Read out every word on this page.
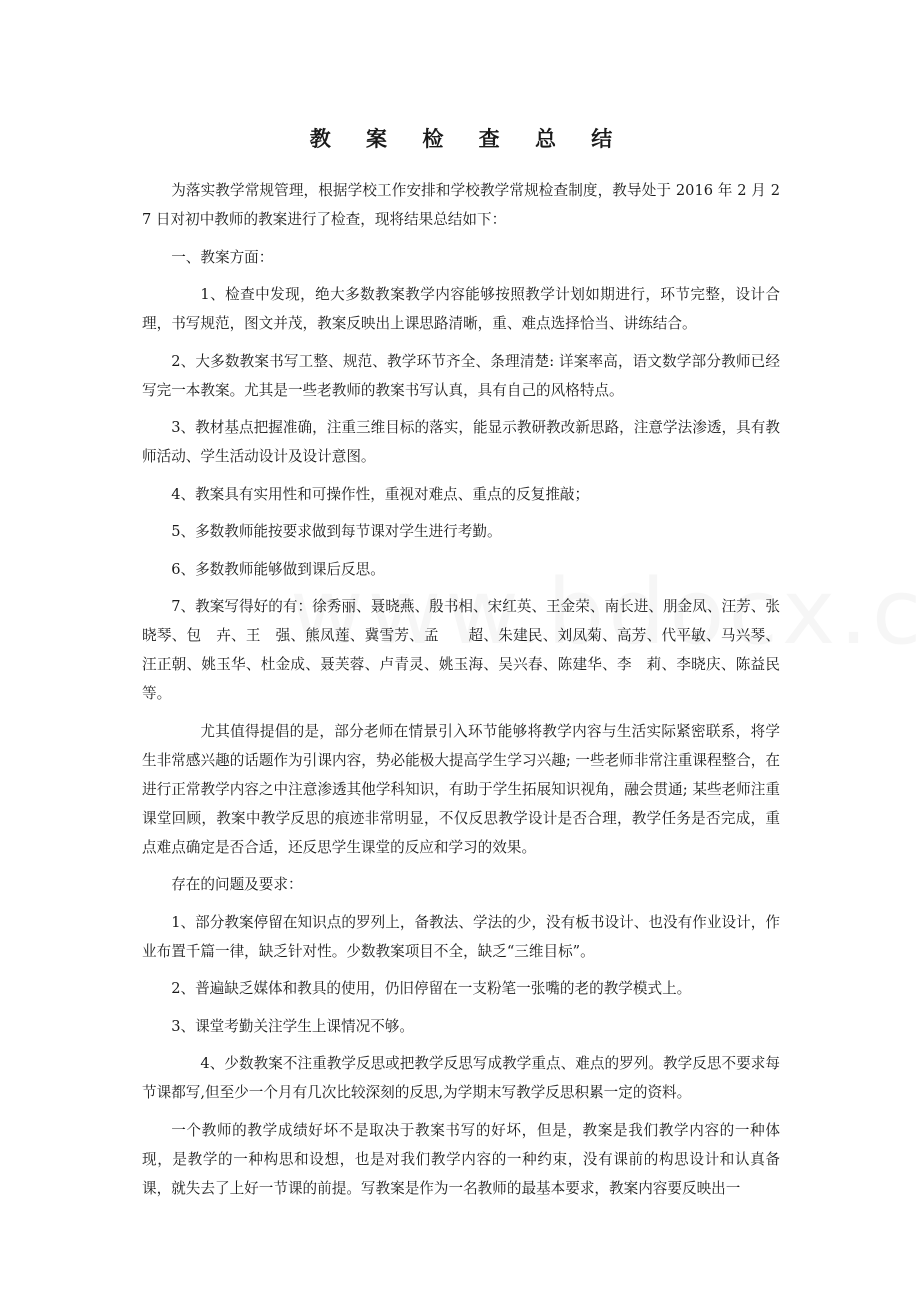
教 案 检 查 总 结

为落实教学常规管理，根据学校工作安排和学校教学常规检查制度，教导处于 2016 年 2 月 27 日对初中教师的教案进行了检查，现将结果总结如下：

一、教案方面：

1、检查中发现，绝大多数教案教学内容能够按照教学计划如期进行，环节完整，设计合理，书写规范，图文并茂，教案反映出上课思路清晰，重、难点选择恰当、讲练结合。

2、大多数教案书写工整、规范、教学环节齐全、条理清楚: 详案率高，语文数学部分教师已经写完一本教案。尤其是一些老教师的教案书写认真，具有自己的风格特点。

3、教材基点把握准确，注重三维目标的落实，能显示教研教改新思路，注意学法渗透，具有教师活动、学生活动设计及设计意图。

4、教案具有实用性和可操作性，重视对难点、重点的反复推敲；

5、多数教师能按要求做到每节课对学生进行考勤。

6、多数教师能够做到课后反思。

7、教案写得好的有：徐秀丽、聂晓燕、殷书相、宋红英、王金荣、南长进、朋金凤、汪芳、张晓琴、包　卉、王　强、熊凤莲、冀雪芳、孟　　超、朱建民、刘凤菊、高芳、代平敏、马兴琴、汪正朝、姚玉华、杜金成、聂芙蓉、卢青灵、姚玉海、吴兴春、陈建华、李　莉、李晓庆、陈益民等。

尤其值得提倡的是，部分老师在情景引入环节能够将教学内容与生活实际紧密联系，将学生非常感兴趣的话题作为引课内容，势必能极大提高学生学习兴趣; 一些老师非常注重课程整合，在进行正常教学内容之中注意渗透其他学科知识，有助于学生拓展知识视角，融会贯通; 某些老师注重课堂回顾，教案中教学反思的痕迹非常明显，不仅反思教学设计是否合理，教学任务是否完成，重点难点确定是否合适，还反思学生课堂的反应和学习的效果。

存在的问题及要求：

1、部分教案停留在知识点的罗列上，备教法、学法的少，没有板书设计、也没有作业设计，作业布置千篇一律，缺乏针对性。少数教案项目不全，缺乏“三维目标”。

2、普遍缺乏媒体和教具的使用，仍旧停留在一支粉笔一张嘴的老的教学模式上。

3、课堂考勤关注学生上课情况不够。

4、少数教案不注重教学反思或把教学反思写成教学重点、难点的罗列。教学反思不要求每节课都写,但至少一个月有几次比较深刻的反思,为学期末写教学反思积累一定的资料。

一个教师的教学成绩好坏不是取决于教案书写的好坏，但是，教案是我们教学内容的一种体现，是教学的一种构思和设想，也是对我们教学内容的一种约束，没有课前的构思设计和认真备课，就失去了上好一节课的前提。写教案是作为一名教师的最基本要求，教案内容要反映出一
